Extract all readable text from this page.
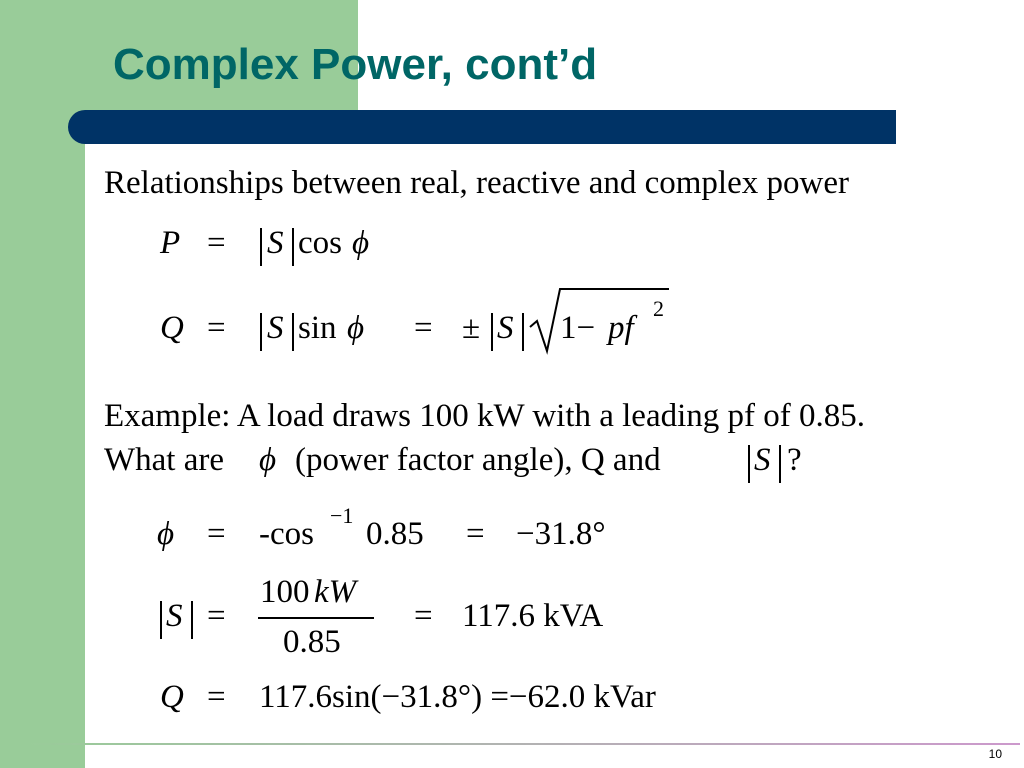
Complex Power, cont’d
Relationships between real, reactive and complex power
P = S cos ϕ
Q = S sin ϕ = ± S 1− pf
2
Example: A load draws 100 kW with a leading pf of 0.85.
What are ϕ (power factor angle), Q and	S ?
ϕ = -cos
−1
0.85 = −31.8°
S =
100 kW
0.85
= 117.6 kVA
Q = 117.6sin(−31.8°) =−62.0 kVar
10
